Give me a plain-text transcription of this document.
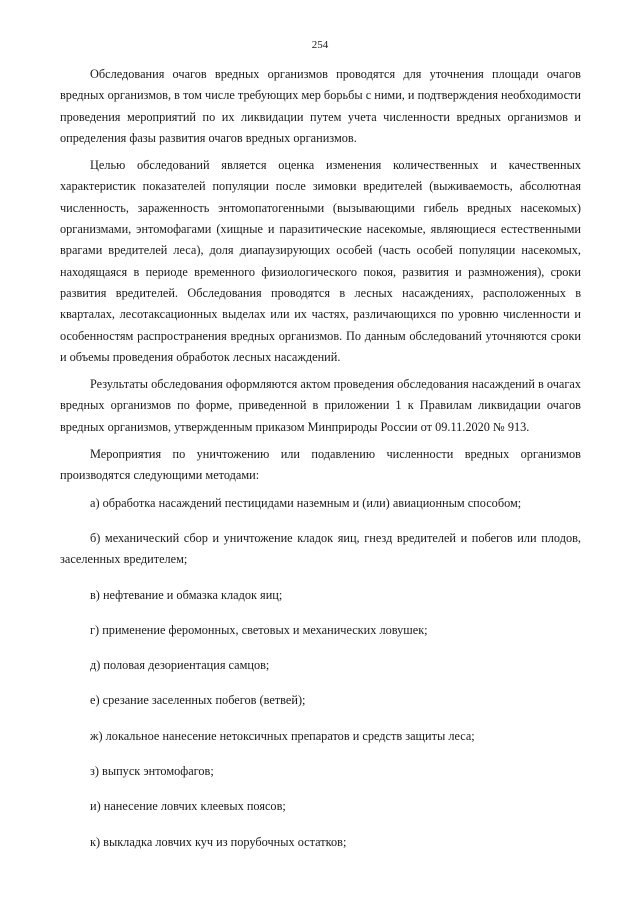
254

Обследования очагов вредных организмов проводятся для уточнения площади очагов вредных организмов, в том числе требующих мер борьбы с ними, и подтверждения необходимости проведения мероприятий по их ликвидации путем учета численности вредных организмов и определения фазы развития очагов вредных организмов.

Целью обследований является оценка изменения количественных и качественных характеристик показателей популяции после зимовки вредителей (выживаемость, абсолютная численность, зараженность энтомопатогенными (вызывающими гибель вредных насекомых) организмами, энтомофагами (хищные и паразитические насекомые, являющиеся естественными врагами вредителей леса), доля диапаузирующих особей (часть особей популяции насекомых, находящаяся в периоде временного физиологического покоя, развития и размножения), сроки развития вредителей. Обследования проводятся в лесных насаждениях, расположенных в кварталах, лесотаксационных выделах или их частях, различающихся по уровню численности и особенностям распространения вредных организмов. По данным обследований уточняются сроки и объемы проведения обработок лесных насаждений.

Результаты обследования оформляются актом проведения обследования насаждений в очагах вредных организмов по форме, приведенной в приложении 1 к Правилам ликвидации очагов вредных организмов, утвержденным приказом Минприроды России от 09.11.2020 № 913.

Мероприятия по уничтожению или подавлению численности вредных организмов производятся следующими методами:

а) обработка насаждений пестицидами наземным и (или) авиационным способом;
б) механический сбор и уничтожение кладок яиц, гнезд вредителей и побегов или плодов, заселенных вредителем;
в) нефтевание и обмазка кладок яиц;
г) применение феромонных, световых и механических ловушек;
д) половая дезориентация самцов;
е) срезание заселенных побегов (ветвей);
ж) локальное нанесение нетоксичных препаратов и средств защиты леса;
з) выпуск энтомофагов;
и) нанесение ловчих клеевых поясов;
к) выкладка ловчих куч из порубочных остатков;
